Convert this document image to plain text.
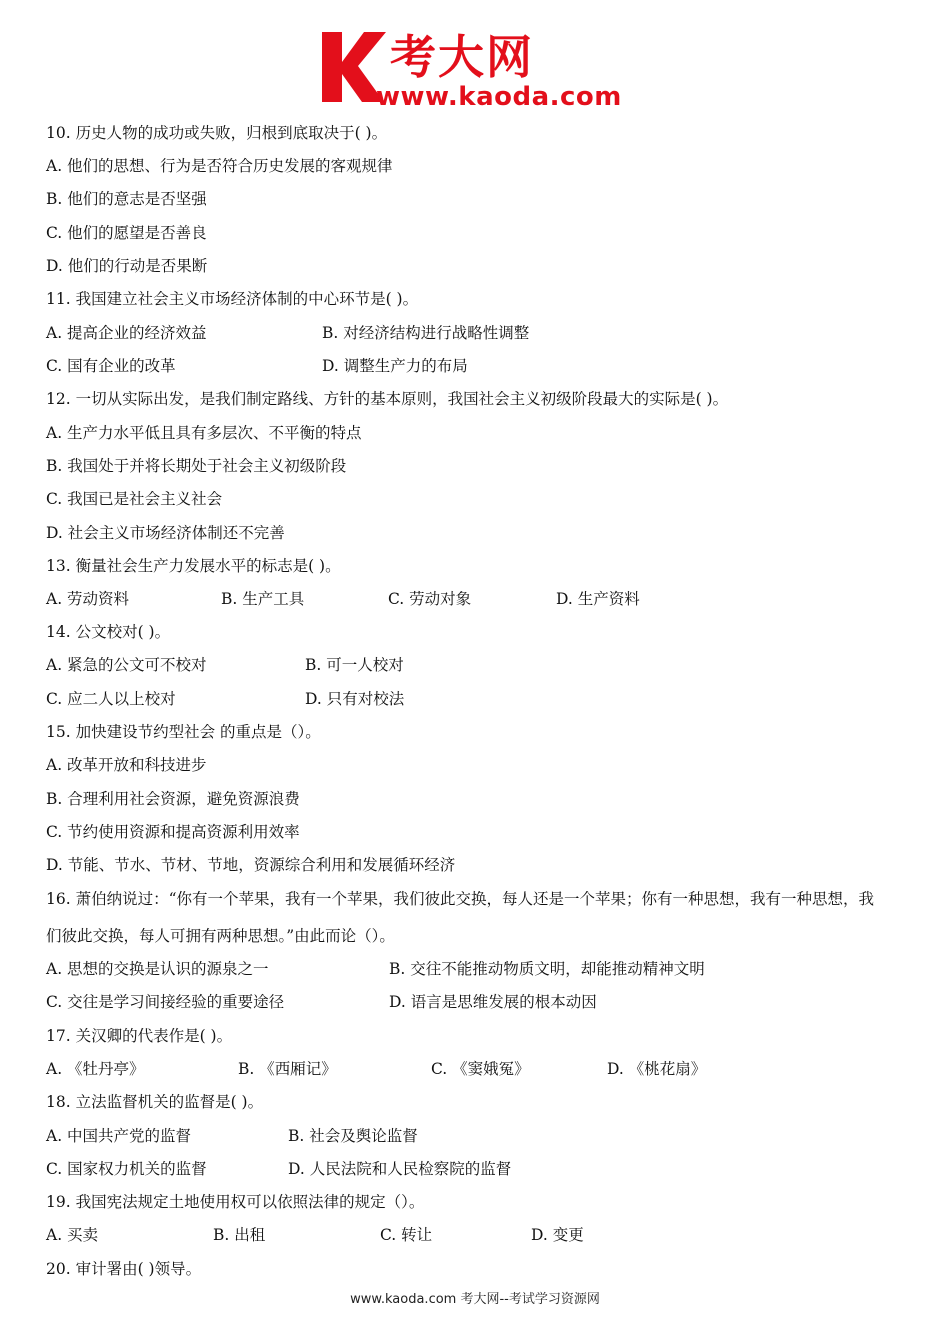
考大网
www.kaoda.com
10. 历史人物的成功或失败，归根到底取决于( )。
A. 他们的思想、行为是否符合历史发展的客观规律
B. 他们的意志是否坚强
C. 他们的愿望是否善良
D. 他们的行动是否果断
11. 我国建立社会主义市场经济体制的中心环节是( )。
A. 提高企业的经济效益	B. 对经济结构进行战略性调整
C. 国有企业的改革	D. 调整生产力的布局
12. 一切从实际出发，是我们制定路线、方针的基本原则，我国社会主义初级阶段最大的实际是( )。
A. 生产力水平低且具有多层次、不平衡的特点
B. 我国处于并将长期处于社会主义初级阶段
C. 我国已是社会主义社会
D. 社会主义市场经济体制还不完善
13. 衡量社会生产力发展水平的标志是( )。
A. 劳动资料	B. 生产工具	C. 劳动对象	D. 生产资料
14. 公文校对( )。
A. 紧急的公文可不校对	B. 可一人校对
C. 应二人以上校对	D. 只有对校法
15. 加快建设节约型社会 的重点是（）。
A. 改革开放和科技进步
B. 合理利用社会资源，避免资源浪费
C. 节约使用资源和提高资源利用效率
D. 节能、节水、节材、节地，资源综合利用和发展循环经济
16. 萧伯纳说过：“你有一个苹果，我有一个苹果，我们彼此交换，每人还是一个苹果；你有一种思想，我有一种思想，我
们彼此交换，每人可拥有两种思想。”由此而论（）。
A. 思想的交换是认识的源泉之一	B. 交往不能推动物质文明，却能推动精神文明
C. 交往是学习间接经验的重要途径	D. 语言是思维发展的根本动因
17. 关汉卿的代表作是( )。
A. 《牡丹亭》	B. 《西厢记》	C. 《窦娥冤》	D. 《桃花扇》
18. 立法监督机关的监督是( )。
A. 中国共产党的监督	B. 社会及舆论监督
C. 国家权力机关的监督	D. 人民法院和人民检察院的监督
19. 我国宪法规定土地使用权可以依照法律的规定（）。
A. 买卖	B. 出租	C. 转让	D. 变更
20. 审计署由( )领导。
www.kaoda.com 考大网--考试学习资源网
